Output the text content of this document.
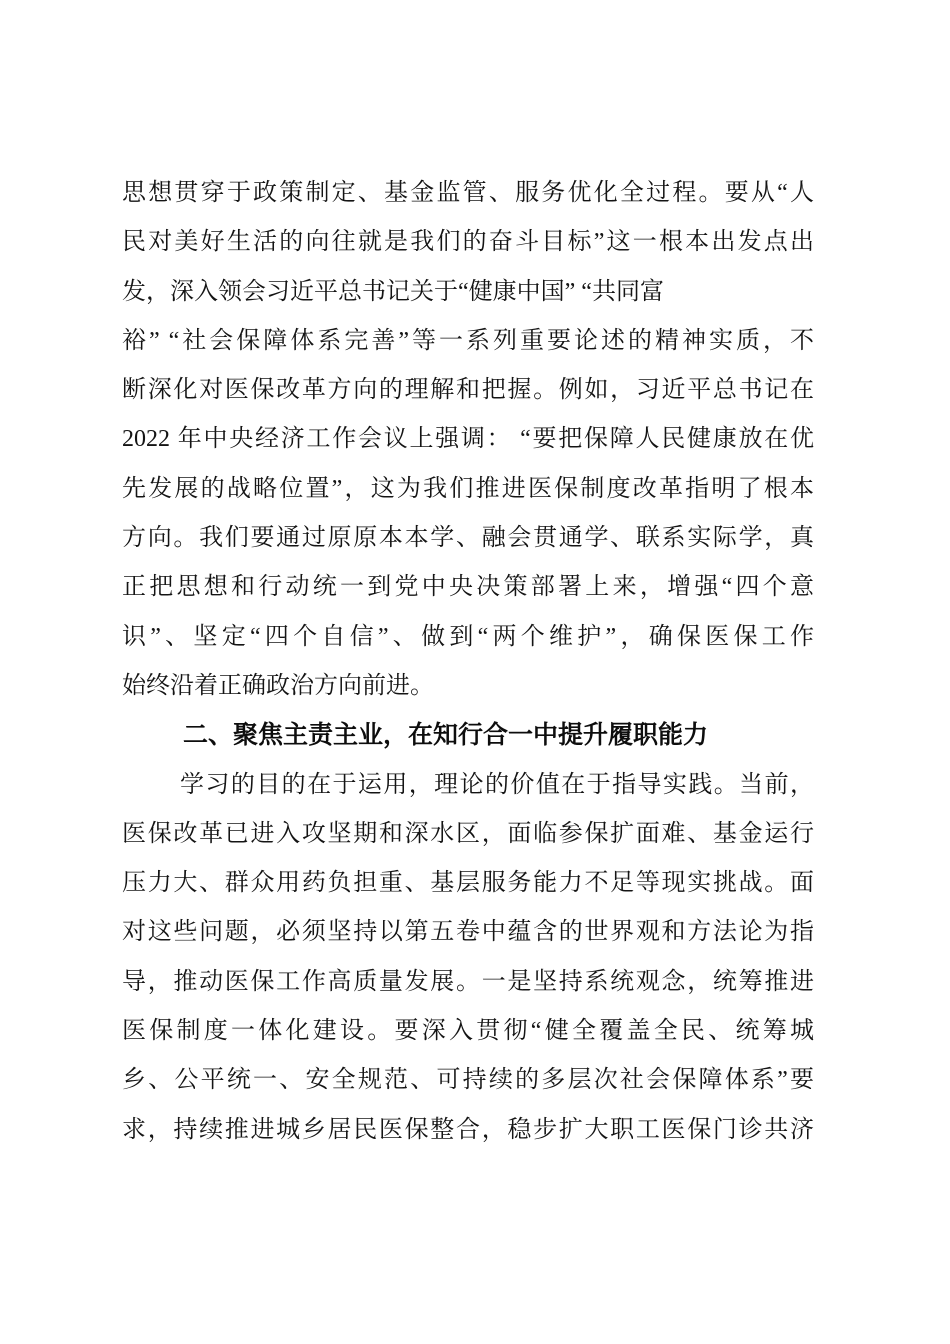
思想贯穿于政策制定、基金监管、服务优化全过程。要从“人
民对美好生活的向往就是我们的奋斗目标”这一根本出发点出
发，深入领会习近平总书记关于“健康中国” “共同富
裕” “社会保障体系完善”等一系列重要论述的精神实质，不
断深化对医保改革方向的理解和把握。例如，习近平总书记在
2022 年中央经济工作会议上强调： “要把保障人民健康放在优
先发展的战略位置”，这为我们推进医保制度改革指明了根本
方向。我们要通过原原本本学、融会贯通学、联系实际学，真
正把思想和行动统一到党中央决策部署上来，增强“四个意
识”、坚定“四个自信”、做到“两个维护”，确保医保工作
始终沿着正确政治方向前进。
二、聚焦主责主业，在知行合一中提升履职能力
学习的目的在于运用，理论的价值在于指导实践。当前，
医保改革已进入攻坚期和深水区，面临参保扩面难、基金运行
压力大、群众用药负担重、基层服务能力不足等现实挑战。面
对这些问题，必须坚持以第五卷中蕴含的世界观和方法论为指
导，推动医保工作高质量发展。一是坚持系统观念，统筹推进
医保制度一体化建设。要深入贯彻“健全覆盖全民、统筹城
乡、公平统一、安全规范、可持续的多层次社会保障体系”要
求，持续推进城乡居民医保整合，稳步扩大职工医保门诊共济
